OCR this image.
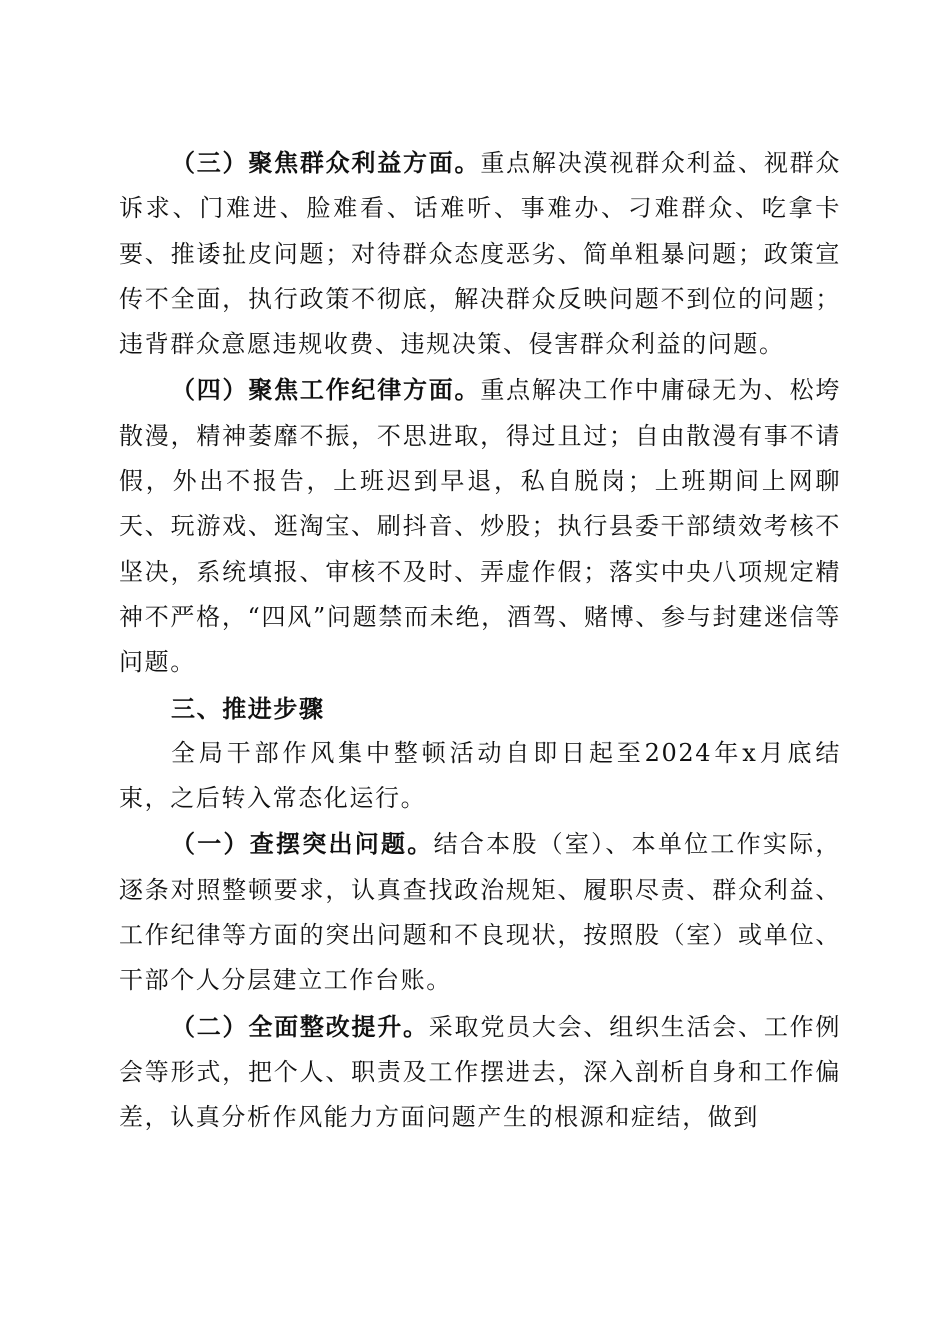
（三）聚焦群众利益方面。重点解决漠视群众利益、视群众诉求、门难进、脸难看、话难听、事难办、刁难群众、吃拿卡要、推诿扯皮问题；对待群众态度恶劣、简单粗暴问题；政策宣传不全面，执行政策不彻底，解决群众反映问题不到位的问题；违背群众意愿违规收费、违规决策、侵害群众利益的问题。

（四）聚焦工作纪律方面。重点解决工作中庸碌无为、松垮散漫，精神萎靡不振，不思进取，得过且过；自由散漫有事不请假，外出不报告，上班迟到早退，私自脱岗；上班期间上网聊天、玩游戏、逛淘宝、刷抖音、炒股；执行县委干部绩效考核不坚决，系统填报、审核不及时、弄虚作假；落实中央八项规定精神不严格，“四风”问题禁而未绝，酒驾、赌博、参与封建迷信等问题。

三、推进步骤

全局干部作风集中整顿活动自即日起至2024年x月底结束，之后转入常态化运行。

（一）查摆突出问题。结合本股（室）、本单位工作实际，逐条对照整顿要求，认真查找政治规矩、履职尽责、群众利益、工作纪律等方面的突出问题和不良现状，按照股（室）或单位、干部个人分层建立工作台账。

（二）全面整改提升。采取党员大会、组织生活会、工作例会等形式，把个人、职责及工作摆进去，深入剖析自身和工作偏差，认真分析作风能力方面问题产生的根源和症结，做到
